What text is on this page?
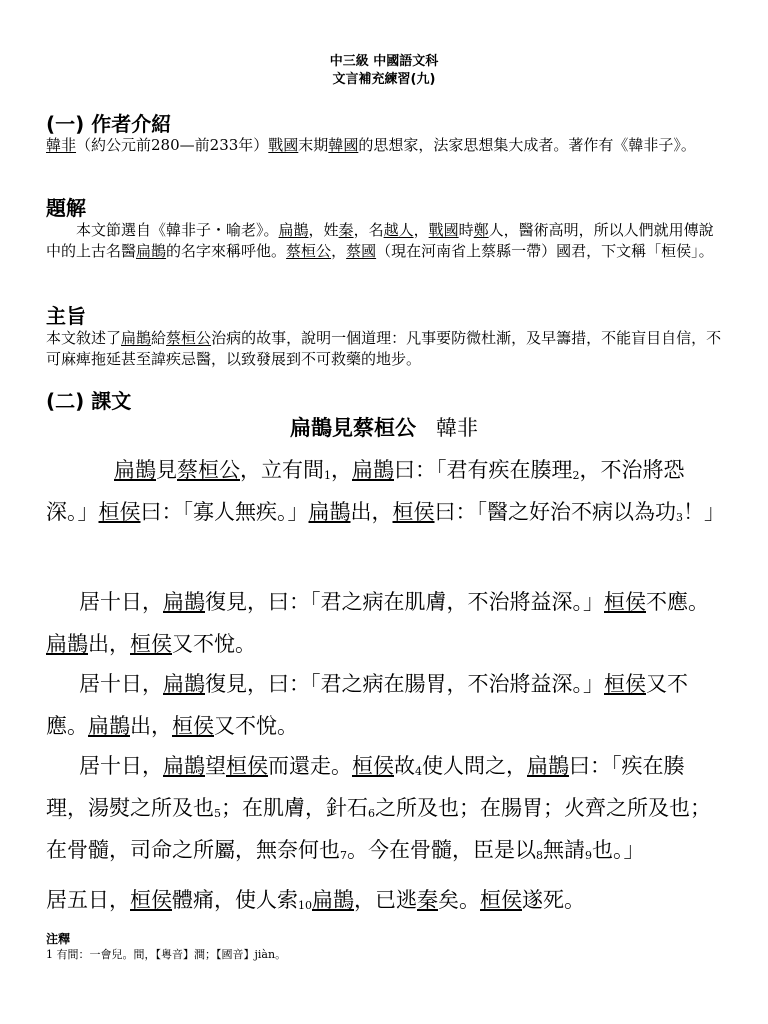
中三級 中國語文科
文言補充練習(九)
(一) 作者介紹
韓非（約公元前280—前233年）戰國末期韓國的思想家，法家思想集大成者。著作有《韓非子》。
題解
本文節選自《韓非子・喻老》。扁鵲，姓秦，名越人，戰國時鄭人，醫術高明，所以人們就用傳說中的上古名醫扁鵲的名字來稱呼他。蔡桓公，蔡國（現在河南省上蔡縣一帶）國君，下文稱「桓侯」。
主旨
本文敘述了扁鵲給蔡桓公治病的故事，說明一個道理：凡事要防微杜漸，及早籌措，不能盲目自信，不可麻痺拖延甚至諱疾忌醫，以致發展到不可救藥的地步。
(二) 課文
扁鵲見蔡桓公 韓非
扁鵲見蔡桓公，立有間$_1$，扁鵲曰：「君有疾在腠理$_2$，不治將恐深。」桓侯曰：「寡人無疾。」扁鵲出，桓侯曰：「醫之好治不病以為功$_3$！」
居十日，扁鵲復見，曰：「君之病在肌膚，不治將益深。」桓侯不應。扁鵲出，桓侯又不悅。
居十日，扁鵲復見，曰：「君之病在腸胃，不治將益深。」桓侯又不應。扁鵲出，桓侯又不悅。
居十日，扁鵲望桓侯而還走。桓侯故$_4$使人問之，扁鵲曰：「疾在腠理，湯熨之所及也$_5$；在肌膚，針石$_6$之所及也；在腸胃；火齊之所及也；在骨髓，司命之所屬，無奈何也$_7$。今在骨髓，臣是以$_8$無請$_9$也。」
居五日，桓侯體痛，使人索$_{10}$扁鵲，已逃秦矣。桓侯遂死。
注釋
1 有間：一會兒。間，【粵音】澗；【國音】jiàn。
